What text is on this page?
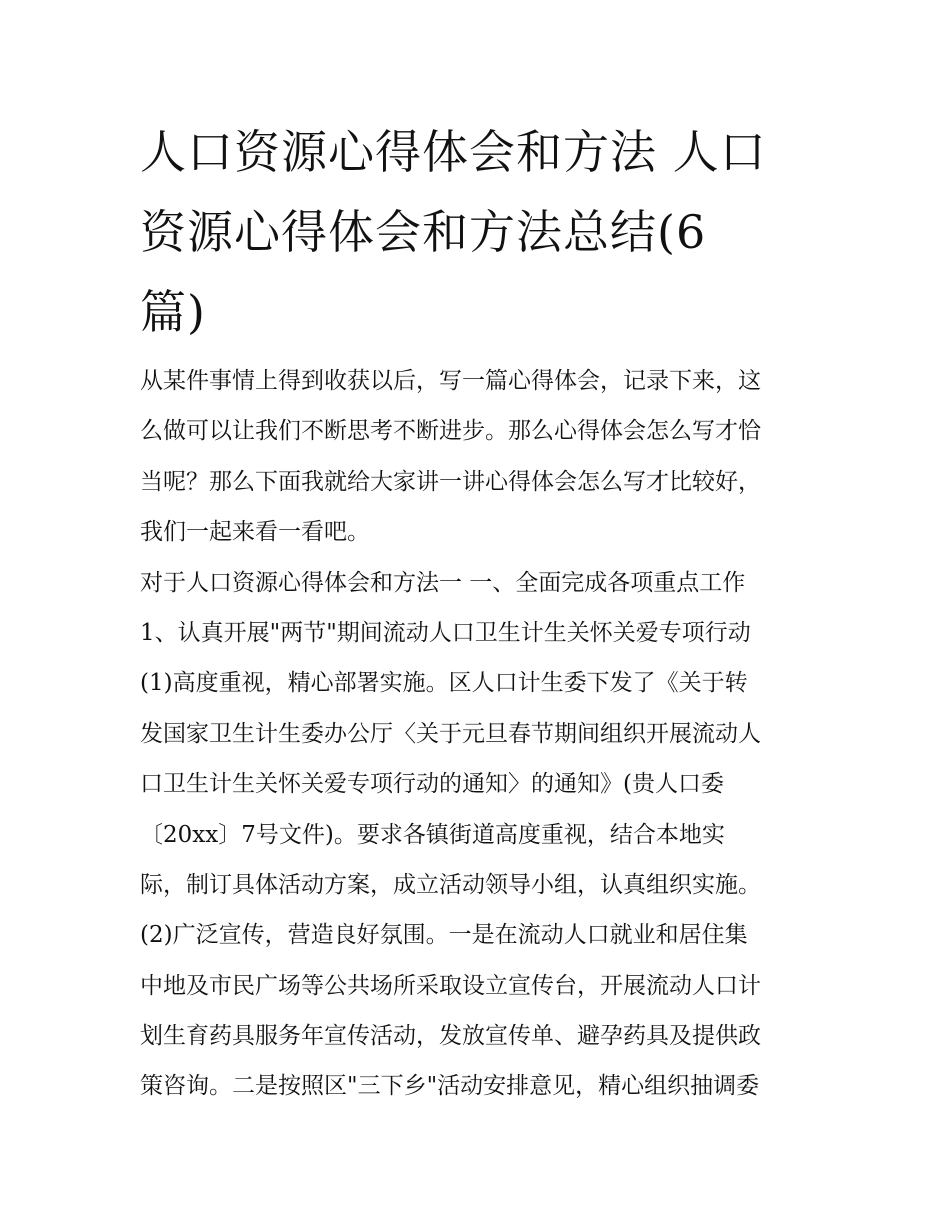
人口资源心得体会和方法 人口
资源心得体会和方法总结(6
篇)
从某件事情上得到收获以后，写一篇心得体会，记录下来，这
么做可以让我们不断思考不断进步。那么心得体会怎么写才恰
当呢？那么下面我就给大家讲一讲心得体会怎么写才比较好，
我们一起来看一看吧。
对于人口资源心得体会和方法一 一、全面完成各项重点工作
1、认真开展"两节"期间流动人口卫生计生关怀关爱专项行动
(1)高度重视，精心部署实施。区人口计生委下发了《关于转
发国家卫生计生委办公厅〈关于元旦春节期间组织开展流动人
口卫生计生关怀关爱专项行动的通知〉的通知》(贵人口委
〔20xx〕7号文件)。要求各镇街道高度重视，结合本地实
际，制订具体活动方案，成立活动领导小组，认真组织实施。
(2)广泛宣传，营造良好氛围。一是在流动人口就业和居住集
中地及市民广场等公共场所采取设立宣传台，开展流动人口计
划生育药具服务年宣传活动，发放宣传单、避孕药具及提供政
策咨询。二是按照区"三下乡"活动安排意见，精心组织抽调委
